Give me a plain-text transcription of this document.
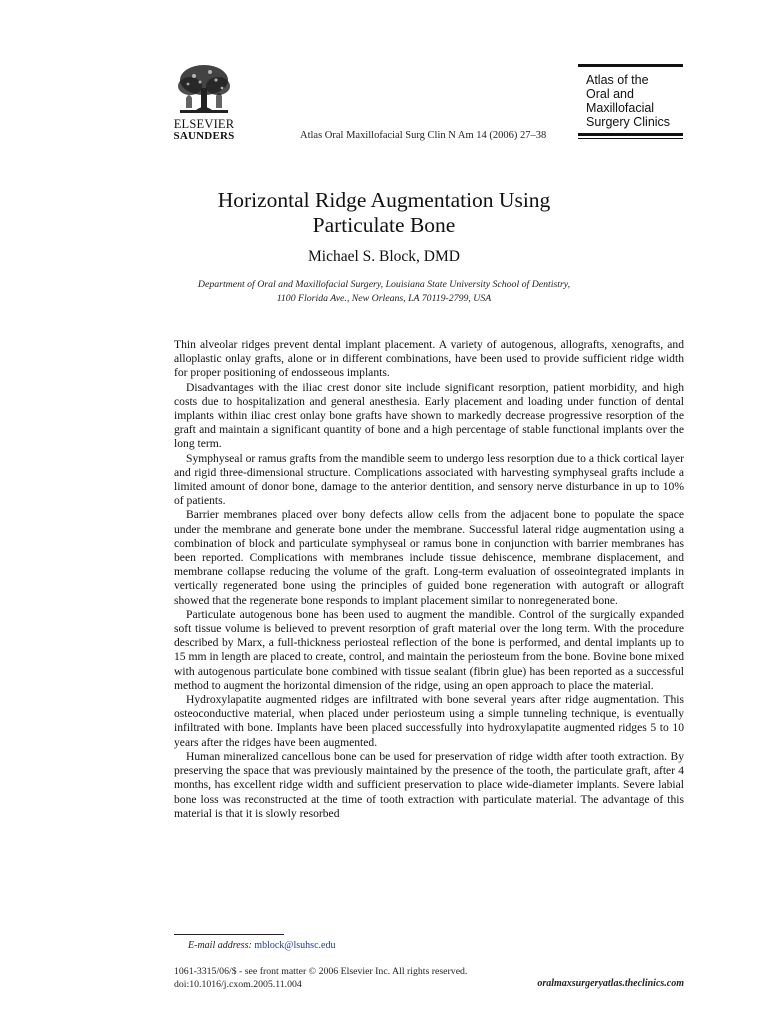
ELSEVIER
SAUNDERS	Atlas Oral Maxillofacial Surg Clin N Am 14 (2006) 27–38
Atlas of the
Oral and
Maxillofacial
Surgery Clinics
Horizontal Ridge Augmentation Using
Particulate Bone
Michael S. Block, DMD
Department of Oral and Maxillofacial Surgery, Louisiana State University School of Dentistry,
1100 Florida Ave., New Orleans, LA 70119-2799, USA

Thin alveolar ridges prevent dental implant placement. A variety of autogenous, allografts, xenografts, and alloplastic onlay grafts, alone or in different combinations, have been used to provide sufficient ridge width for proper positioning of endosseous implants.

Disadvantages with the iliac crest donor site include significant resorption, patient morbidity, and high costs due to hospitalization and general anesthesia. Early placement and loading under function of dental implants within iliac crest onlay bone grafts have shown to markedly decrease progressive resorption of the graft and maintain a significant quantity of bone and a high percentage of stable functional implants over the long term.

Symphyseal or ramus grafts from the mandible seem to undergo less resorption due to a thick cortical layer and rigid three-dimensional structure. Complications associated with harvesting symphyseal grafts include a limited amount of donor bone, damage to the anterior dentition, and sensory nerve disturbance in up to 10% of patients.

Barrier membranes placed over bony defects allow cells from the adjacent bone to populate the space under the membrane and generate bone under the membrane. Successful lateral ridge augmentation using a combination of block and particulate symphyseal or ramus bone in conjunction with barrier membranes has been reported. Complications with membranes include tissue dehiscence, membrane displacement, and membrane collapse reducing the volume of the graft. Long-term evaluation of osseointegrated implants in vertically regenerated bone using the principles of guided bone regeneration with autograft or allograft showed that the regenerate bone responds to implant placement similar to nonregenerated bone.

Particulate autogenous bone has been used to augment the mandible. Control of the surgically expanded soft tissue volume is believed to prevent resorption of graft material over the long term. With the procedure described by Marx, a full-thickness periosteal reflection of the bone is performed, and dental implants up to 15 mm in length are placed to create, control, and maintain the periosteum from the bone. Bovine bone mixed with autogenous particulate bone combined with tissue sealant (fibrin glue) has been reported as a successful method to augment the horizontal dimension of the ridge, using an open approach to place the material.

Hydroxylapatite augmented ridges are infiltrated with bone several years after ridge augmentation. This osteoconductive material, when placed under periosteum using a simple tunneling technique, is eventually infiltrated with bone. Implants have been placed successfully into hydroxylapatite augmented ridges 5 to 10 years after the ridges have been augmented.

Human mineralized cancellous bone can be used for preservation of ridge width after tooth extraction. By preserving the space that was previously maintained by the presence of the tooth, the particulate graft, after 4 months, has excellent ridge width and sufficient preservation to place wide-diameter implants. Severe labial bone loss was reconstructed at the time of tooth extraction with particulate material. The advantage of this material is that it is slowly resorbed

E-mail address: mblock@lsuhsc.edu
1061-3315/06/$ - see front matter © 2006 Elsevier Inc. All rights reserved.
doi:10.1016/j.cxom.2005.11.004	oralmaxsurgeryatlas.theclinics.com
